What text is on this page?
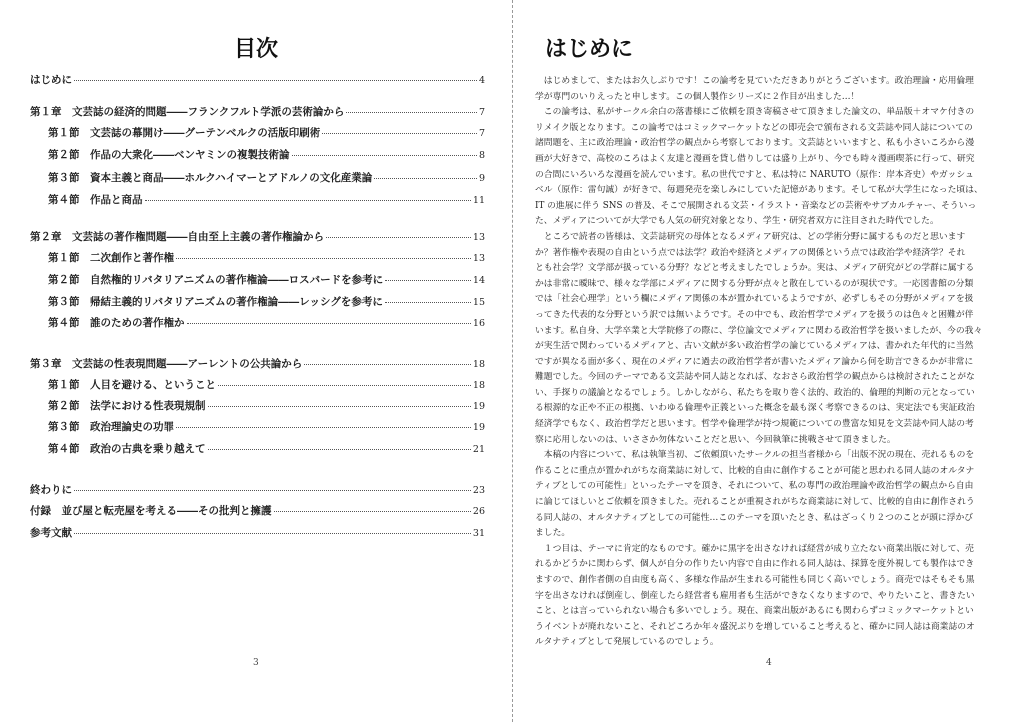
目次
はじめに	4
第１章　文芸誌の経済的問題――フランクフルト学派の芸術論から	7
第１節　文芸誌の幕開け――グーテンベルクの活版印刷術	7
第２節　作品の大衆化――ベンヤミンの複製技術論	8
第３節　資本主義と商品――ホルクハイマーとアドルノの文化産業論	9
第４節　作品と商品	11
第２章　文芸誌の著作権問題――自由至上主義の著作権論から	13
第１節　二次創作と著作権	13
第２節　自然権的リバタリアニズムの著作権論――ロスバードを参考に	14
第３節　帰結主義的リバタリアニズムの著作権論――レッシグを参考に	15
第４節　誰のための著作権か	16
第３章　文芸誌の性表現問題――アーレントの公共論から	18
第１節　人目を避ける、ということ	18
第２節　法学における性表現規制	19
第３節　政治理論史の功罪	19
第４節　政治の古典を乗り越えて	21
終わりに	23
付録　並び屋と転売屋を考える――その批判と擁護	26
参考文献	31
3
はじめに
　はじめまして、またはお久しぶりです！この論考を見ていただきありがとうございます。政治理論・応用倫理
学が専門のいりえったと申します。この個人製作シリーズに２作目が出ました…！
　この論考は、私がサークル余白の落書様にご依頼を頂き寄稿させて頂きました論文の、単品版＋オマケ付きの
リメイク版となります。この論考ではコミックマーケットなどの即売会で頒布される文芸誌や同人誌についての
諸問題を、主に政治理論・政治哲学の観点から考察しております。文芸誌といいますと、私も小さいころから漫
画が大好きで、高校のころはよく友達と漫画を貸し借りしては盛り上がり、今でも時々漫画喫茶に行って、研究
の合間にいろいろな漫画を読んでいます。私の世代ですと、私は特に NARUTO（原作：岸本斉史）やガッシュ
ベル（原作：雷句誠）が好きで、毎週発売を楽しみにしていた記憶があります。そして私が大学生になった頃は、
IT の進展に伴う SNS の普及、そこで展開される文芸・イラスト・音楽などの芸術やサブカルチャー、そういっ
た、メディアについてが大学でも人気の研究対象となり、学生・研究者双方に注目された時代でした。
　ところで読者の皆様は、文芸誌研究の母体となるメディア研究は、どの学術分野に属するものだと思います
か？著作権や表現の自由という点では法学？政治や経済とメディアの関係という点では政治学や経済学？それ
とも社会学？文学部が扱っている分野？などと考えましたでしょうか。実は、メディア研究がどの学群に属する
かは非常に曖昧で、様々な学部にメディアに関する分野が点々と散在しているのが現状です。一応図書館の分類
では「社会心理学」という欄にメディア関係の本が置かれているようですが、必ずしもその分野がメディアを扱
ってきた代表的な分野という訳では無いようです。その中でも、政治哲学でメディアを扱うのは色々と困難が伴
います。私自身、大学卒業と大学院修了の際に、学位論文でメディアに関わる政治哲学を扱いましたが、今の我々
が実生活で関わっているメディアと、古い文献が多い政治哲学の論じているメディアは、書かれた年代的に当然
ですが異なる面が多く、現在のメディアに過去の政治哲学者が書いたメディア論から何を助言できるかが非常に
難題でした。今回のテーマである文芸誌や同人誌となれば、なおさら政治哲学の観点からは検討されたことがな
い、手探りの議論となるでしょう。しかしながら、私たちを取り巻く法的、政治的、倫理的判断の元となってい
る根源的な正や不正の根拠、いわゆる倫理や正義といった概念を最も深く考察できるのは、実定法でも実証政治
経済学でもなく、政治哲学だと思います。哲学や倫理学が持つ規範についての豊富な知見を文芸誌や同人誌の考
察に応用しないのは、いささか勿体ないことだと思い、今回執筆に挑戦させて頂きました。
　本稿の内容について、私は執筆当初、ご依頼頂いたサークルの担当者様から「出版不況の現在、売れるものを
作ることに重点が置かれがちな商業誌に対して、比較的自由に創作することが可能と思われる同人誌のオルタナ
ティブとしての可能性」といったテーマを頂き、それについて、私の専門の政治理論や政治哲学の観点から自由
に論じてほしいとご依頼を頂きました。売れることが重視されがちな商業誌に対して、比較的自由に創作されう
る同人誌の、オルタナティブとしての可能性…このテーマを頂いたとき、私はざっくり２つのことが頭に浮かび
ました。
　１つ目は、テーマに肯定的なものです。確かに黒字を出さなければ経営が成り立たない商業出版に対して、売
れるかどうかに関わらず、個人が自分の作りたい内容で自由に作れる同人誌は、採算を度外視しても製作はでき
ますので、創作者側の自由度も高く、多様な作品が生まれる可能性も同じく高いでしょう。商売ではそもそも黒
字を出さなければ倒産し、倒産したら経営者も雇用者も生活ができなくなりますので、やりたいこと、書きたい
こと、とは言っていられない場合も多いでしょう。現在、商業出版があるにも関わらずコミックマーケットとい
うイベントが廃れないこと、それどころか年々盛況ぶりを増していること考えると、確かに同人誌は商業誌のオ
ルタナティブとして発展しているのでしょう。
4
